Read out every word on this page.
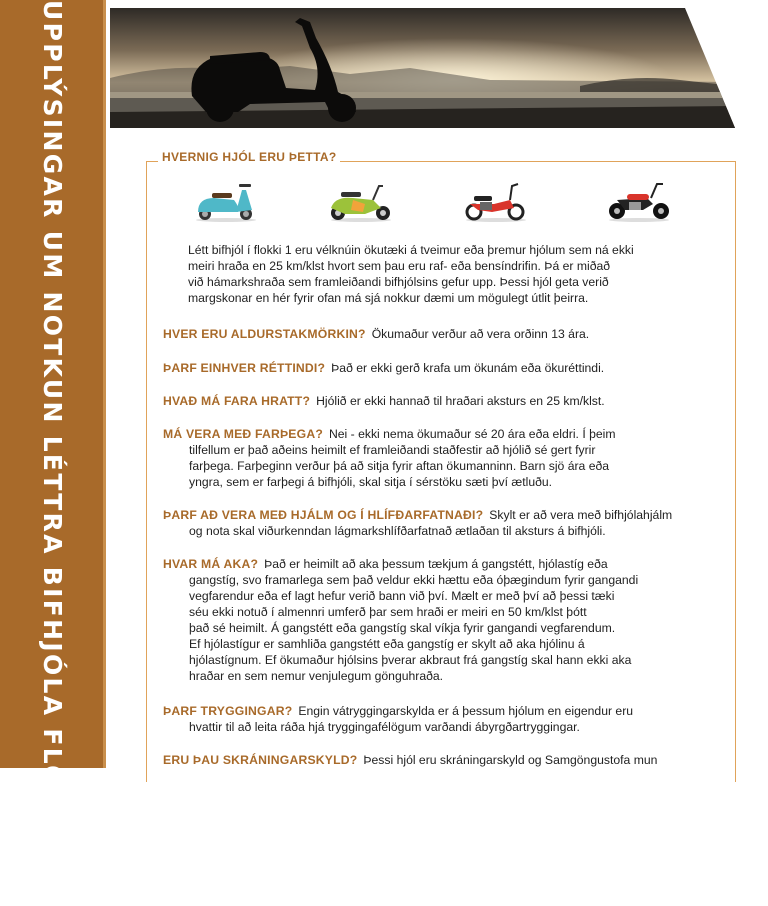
UPPLÝSINGAR UM NOTKUN LÉTTRA BIFHJÓLA FLOKKUR 1	HVERNIG HJÓL ERU ÞETTA?

Létt bifhjól í flokki 1 eru vélknúin ökutæki á tveimur eða þremur hjólum sem ná ekki

meiri hraða en 25 km/klst hvort sem þau eru raf- eða bensíndrifin. Þá er miðað

við hámarkshraða sem framleiðandi bifhjólsins gefur upp. Þessi hjól geta verið

margskonar en hér fyrir ofan má sjá nokkur dæmi um mögulegt útlit þeirra.

HVER ERU ALDURSTAKMÖRKIN? Ökumaður verður að vera orðinn 13 ára.

ÞARF EINHVER RÉTTINDI? Það er ekki gerð krafa um ökunám eða ökuréttindi.

HVAÐ MÁ FARA HRATT? Hjólið er ekki hannað til hraðari aksturs en 25 km/klst.

MÁ VERA MEÐ FARÞEGA? Nei - ekki nema ökumaður sé 20 ára eða eldri. Í þeim

tilfellum er það aðeins heimilt ef framleiðandi staðfestir að hjólið sé gert fyrir

farþega. Farþeginn verður þá að sitja fyrir aftan ökumanninn. Barn sjö ára eða

yngra, sem er farþegi á bifhjóli, skal sitja í sérstöku sæti því ætluðu.

ÞARF AÐ VERA MEÐ HJÁLM OG Í HLÍFÐARFATNAÐI? Skylt er að vera með bifhjólahjálm

og nota skal viðurkenndan lágmarkshlífðarfatnað ætlaðan til aksturs á bifhjóli.

HVAR MÁ AKA? Það er heimilt að aka þessum tækjum á gangstétt, hjólastíg eða

gangstíg, svo framarlega sem það veldur ekki hættu eða óþægindum fyrir gangandi

vegfarendur eða ef lagt hefur verið bann við því. Mælt er með því að þessi tæki

séu ekki notuð í almennri umferð þar sem hraði er meiri en 50 km/klst þótt

það sé heimilt. Á gangstétt eða gangstíg skal víkja fyrir gangandi vegfarendum.

Ef hjólastígur er samhliða gangstétt eða gangstíg er skylt að aka hjólinu á

hjólastígnum. Ef ökumaður hjólsins þverar akbraut frá gangstíg skal hann ekki aka

hraðar en sem nemur venjulegum gönguhraða.

ÞARF TRYGGINGAR? Engin vátryggingarskylda er á þessum hjólum en eigendur eru

hvattir til að leita ráða hjá tryggingafélögum varðandi ábyrgðartryggingar.

ERU ÞAU SKRÁNINGARSKYLD? Þessi hjól eru skráningarskyld og Samgöngustofa mun
